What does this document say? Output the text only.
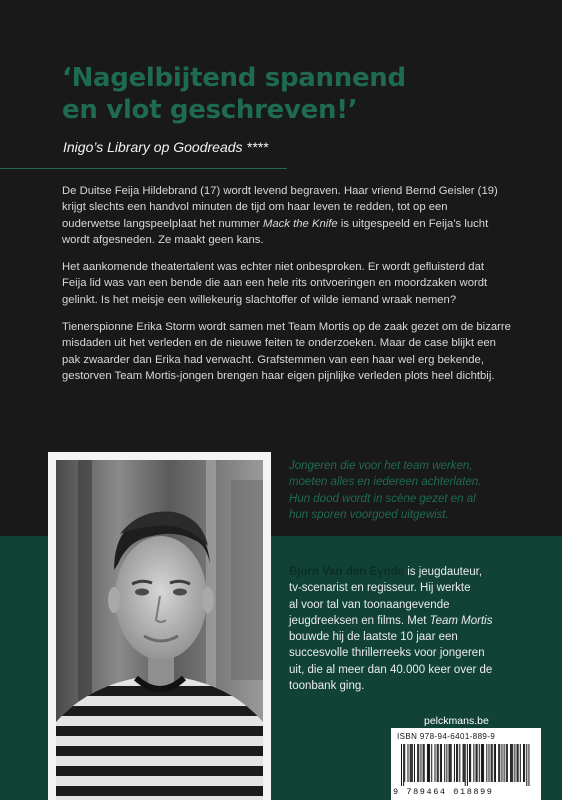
‘Nagelbijtend spannend
en vlot geschreven!’

Inigo’s Library op Goodreads ****

De Duitse Feija Hildebrand (17) wordt levend begraven. Haar vriend Bernd Geisler (19)
krijgt slechts een handvol minuten de tijd om haar leven te redden, tot op een
ouderwetse langspeelplaat het nummer Mack the Knife is uitgespeeld en Feija’s lucht
wordt afgesneden. Ze maakt geen kans.

Het aankomende theatertalent was echter niet onbesproken. Er wordt gefluisterd dat
Feija lid was van een bende die aan een hele rits ontvoeringen en moordzaken wordt
gelinkt. Is het meisje een willekeurig slachtoffer of wilde iemand wraak nemen?

Tienerspionne Erika Storm wordt samen met Team Mortis op de zaak gezet om de bizarre
misdaden uit het verleden en de nieuwe feiten te onderzoeken. Maar de case blijkt een
pak zwaarder dan Erika had verwacht. Grafstemmen van een haar wel erg bekende,
gestorven Team Mortis-jongen brengen haar eigen pijnlijke verleden plots heel dichtbij.

Jongeren die voor het team werken,
moeten alles en iedereen achterlaten.
Hun dood wordt in scène gezet en al
hun sporen voorgoed uitgewist.
Bjorn Van den Eynde is jeugdauteur,
tv-scenarist en regisseur. Hij werkte
al voor tal van toonaangevende
jeugdreeksen en films. Met Team Mortis
bouwde hij de laatste 10 jaar een
succesvolle thrillerreeks voor jongeren
uit, die al meer dan 40.000 keer over de
toonbank ging.
pelckmans.be
ISBN 978-94-6401-889-9
9 789464 018899
